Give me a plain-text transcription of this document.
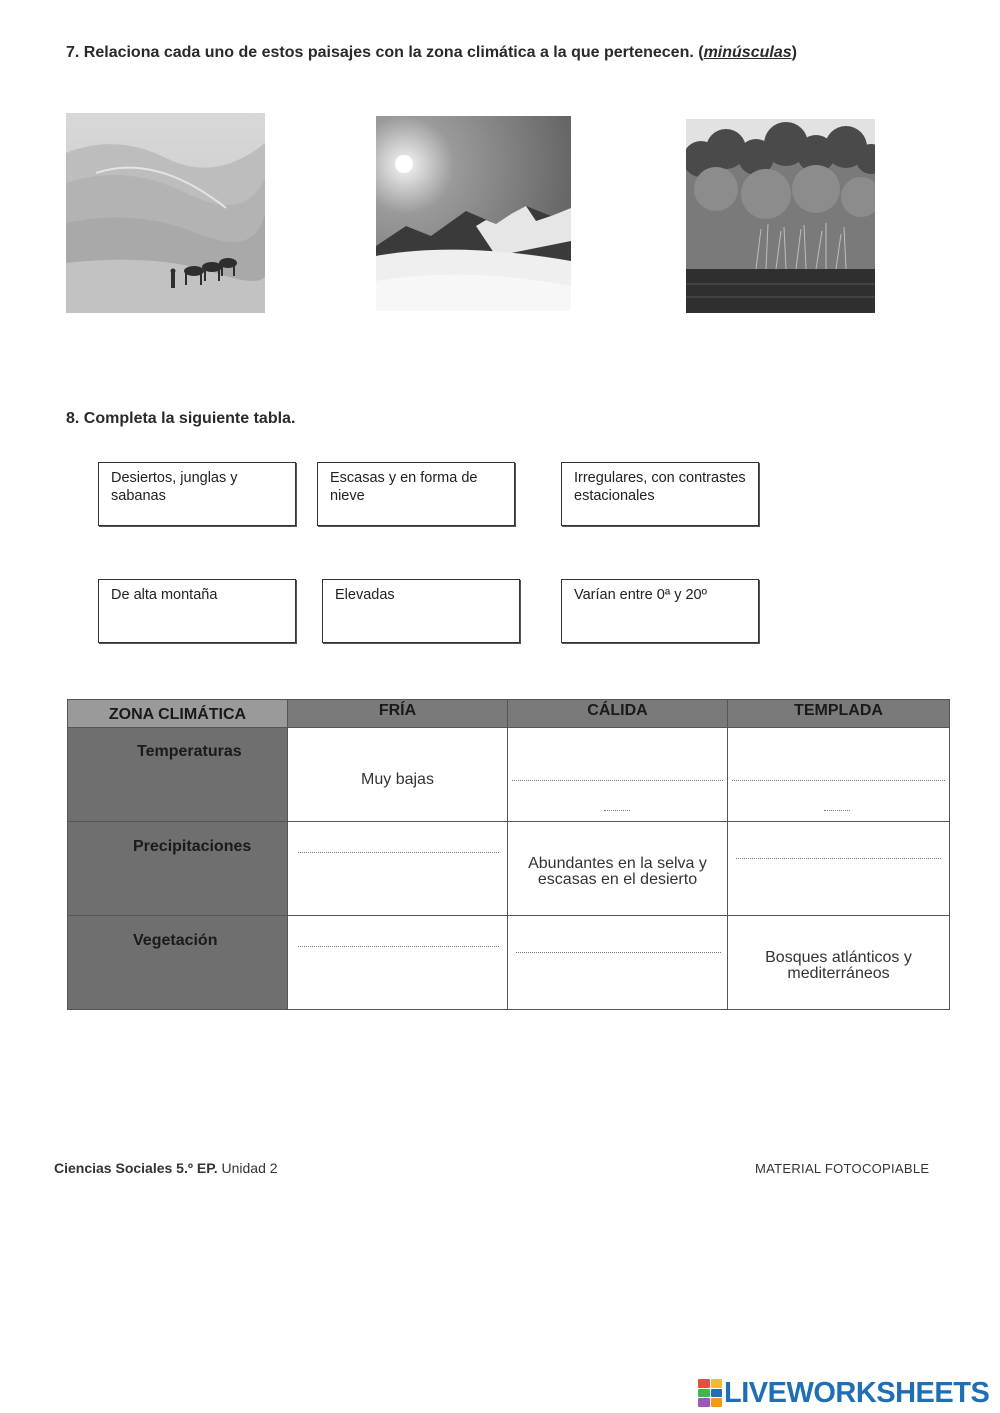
7. Relaciona cada uno de estos paisajes con la zona climática a la que pertenecen. (minúsculas)
8. Completa la siguiente tabla.
Desiertos, junglas y sabanas
Escasas y en forma de nieve
Irregulares, con contrastes estacionales
De alta montaña	Elevadas	Varían entre 0ª y 20º
ZONA CLIMÁTICA	FRÍA	CÁLIDA	TEMPLADA

Temperaturas	Muy bajas		

Precipitaciones		Abundantes en la selva y escasas en el desierto	

Vegetación			Bosques atlánticos y mediterráneos
Ciencias Sociales 5.º EP. Unidad 2	MATERIAL FOTOCOPIABLE
LIVEWORKSHEETS
